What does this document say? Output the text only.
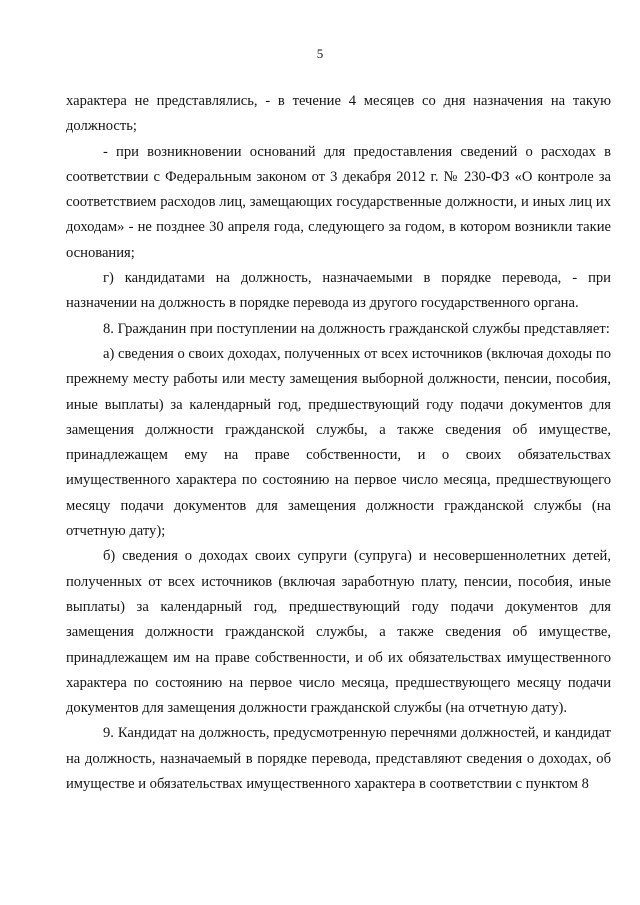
5

характера не представлялись, - в течение 4 месяцев со дня назначения на такую должность;

- при возникновении оснований для предоставления сведений о расходах в соответствии с Федеральным законом от 3 декабря 2012 г. № 230-ФЗ «О контроле за соответствием расходов лиц, замещающих государственные должности, и иных лиц их доходам» - не позднее 30 апреля года, следующего за годом, в котором возникли такие основания;

г) кандидатами на должность, назначаемыми в порядке перевода, - при назначении на должность в порядке перевода из другого государственного органа.

8. Гражданин при поступлении на должность гражданской службы представляет:

а) сведения о своих доходах, полученных от всех источников (включая доходы по прежнему месту работы или месту замещения выборной должности, пенсии, пособия, иные выплаты) за календарный год, предшествующий году подачи документов для замещения должности гражданской службы, а также сведения об имуществе, принадлежащем ему на праве собственности, и о своих обязательствах имущественного характера по состоянию на первое число месяца, предшествующего месяцу подачи документов для замещения должности гражданской службы (на отчетную дату);

б) сведения о доходах своих супруги (супруга) и несовершеннолетних детей, полученных от всех источников (включая заработную плату, пенсии, пособия, иные выплаты) за календарный год, предшествующий году подачи документов для замещения должности гражданской службы, а также сведения об имуществе, принадлежащем им на праве собственности, и об их обязательствах имущественного характера по состоянию на первое число месяца, предшествующего месяцу подачи документов для замещения должности гражданской службы (на отчетную дату).

9. Кандидат на должность, предусмотренную перечнями должностей, и кандидат на должность, назначаемый в порядке перевода, представляют сведения о доходах, об имуществе и обязательствах имущественного характера в соответствии с пунктом 8
